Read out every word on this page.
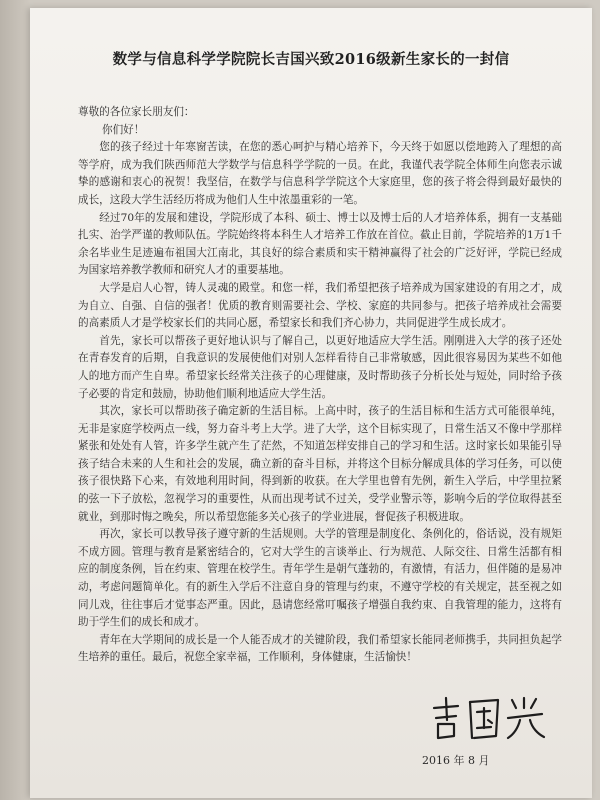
数学与信息科学学院院长吉国兴致2016级新生家长的一封信

尊敬的各位家长朋友们：

你们好！

您的孩子经过十年寒窗苦读，在您的悉心呵护与精心培养下，今天终于如愿以偿地跨入了理想的高等学府，成为我们陕西师范大学数学与信息科学学院的一员。在此，我谨代表学院全体师生向您表示诚挚的感谢和衷心的祝贺！我坚信，在数学与信息科学学院这个大家庭里，您的孩子将会得到最好最快的成长，这段大学生活经历将成为他们人生中浓墨重彩的一笔。

经过70年的发展和建设，学院形成了本科、硕士、博士以及博士后的人才培养体系，拥有一支基础扎实、治学严谨的教师队伍。学院始终将本科生人才培养工作放在首位。截止目前，学院培养的1万1千余名毕业生足迹遍布祖国大江南北，其良好的综合素质和实干精神赢得了社会的广泛好评，学院已经成为国家培养教学教师和研究人才的重要基地。

大学是启人心智，铸人灵魂的殿堂。和您一样，我们希望把孩子培养成为国家建设的有用之才，成为自立、自强、自信的强者！优质的教育则需要社会、学校、家庭的共同参与。把孩子培养成社会需要的高素质人才是学校家长们的共同心愿，希望家长和我们齐心协力，共同促进学生成长成才。

首先，家长可以帮孩子更好地认识与了解自己，以更好地适应大学生活。刚刚进入大学的孩子还处在青春发育的后期，自我意识的发展使他们对别人怎样看待自己非常敏感，因此很容易因为某些不如他人的地方而产生自卑。希望家长经常关注孩子的心理健康，及时帮助孩子分析长处与短处，同时给予孩子必要的肯定和鼓励，协助他们顺利地适应大学生活。

其次，家长可以帮助孩子确定新的生活目标。上高中时，孩子的生活目标和生活方式可能很单纯，无非是家庭学校两点一线，努力奋斗考上大学。进了大学，这个目标实现了，日常生活又不像中学那样紧张和处处有人管，许多学生就产生了茫然，不知道怎样安排自己的学习和生活。这时家长如果能引导孩子结合未来的人生和社会的发展，确立新的奋斗目标，并将这个目标分解成具体的学习任务，可以使孩子很快路下心来，有效地利用时间，得到新的收获。在大学里也曾有先例，新生入学后，中学里拉紧的弦一下子放松，忽视学习的重要性，从而出现考试不过关，受学业警示等，影响今后的学位取得甚至就业，到那时悔之晚矣，所以希望您能多关心孩子的学业进展，督促孩子积极进取。

再次，家长可以教导孩子遵守新的生活规则。大学的管理是制度化、条例化的，俗话说，没有规矩不成方圆。管理与教育是紧密结合的，它对大学生的言谈举止、行为规范、人际交往、日常生活都有相应的制度条例，旨在约束、管理在校学生。青年学生是朝气蓬勃的，有激情，有活力，但伴随的是易冲动，考虑问题简单化。有的新生入学后不注意自身的管理与约束，不遵守学校的有关规定，甚至视之如同儿戏，往往事后才觉事态严重。因此，恳请您经常叮嘱孩子增强自我约束、自我管理的能力，这将有助于学生们的成长和成才。

青年在大学期间的成长是一个人能否成才的关键阶段，我们希望家长能同老师携手，共同担负起学生培养的重任。最后，祝您全家幸福，工作顺利，身体健康，生活愉快！

2016 年 8 月
